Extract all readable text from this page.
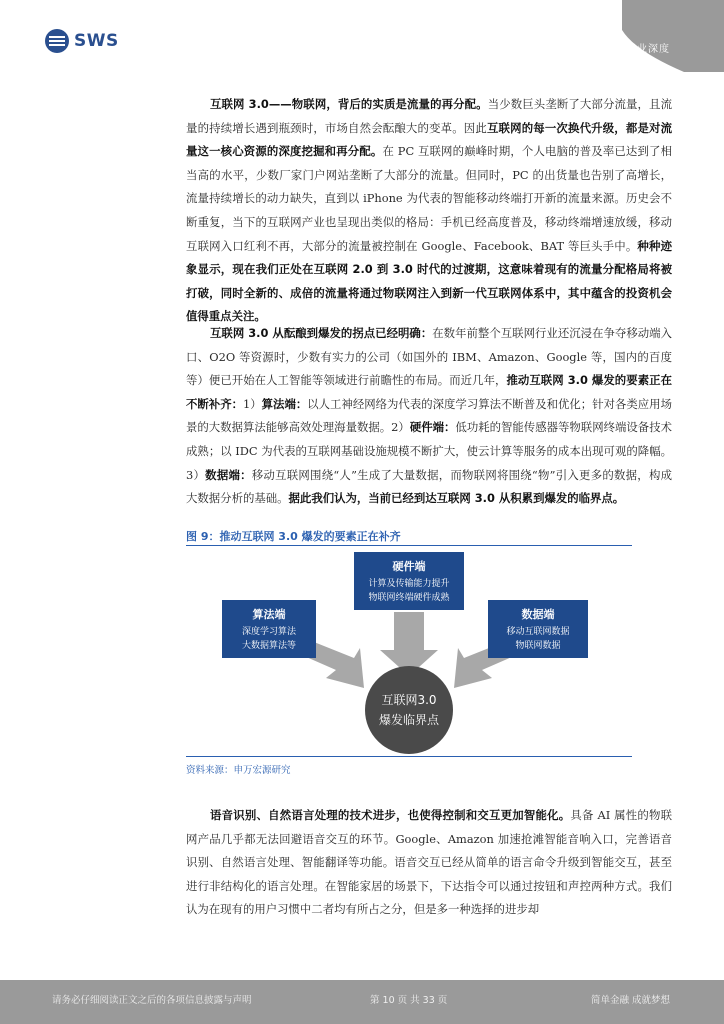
SWS	行业深度
互联网 3.0——物联网，背后的实质是流量的再分配。当少数巨头垄断了大部分流量，且流量的持续增长遇到瓶颈时，市场自然会酝酿大的变革。因此互联网的每一次换代升级，都是对流量这一核心资源的深度挖掘和再分配。在 PC 互联网的巅峰时期，个人电脑的普及率已达到了相当高的水平，少数厂家门户网站垄断了大部分的流量。但同时，PC 的出货量也告别了高增长，流量持续增长的动力缺失，直到以 iPhone 为代表的智能移动终端打开新的流量来源。历史会不断重复，当下的互联网产业也呈现出类似的格局：手机已经高度普及，移动终端增速放缓，移动互联网入口红利不再，大部分的流量被控制在 Google、Facebook、BAT 等巨头手中。种种迹象显示，现在我们正处在互联网 2.0 到 3.0 时代的过渡期，这意味着现有的流量分配格局将被打破，同时全新的、成倍的流量将通过物联网注入到新一代互联网体系中，其中蕴含的投资机会值得重点关注。
互联网 3.0 从酝酿到爆发的拐点已经明确：在数年前整个互联网行业还沉浸在争夺移动端入口、O2O 等资源时，少数有实力的公司（如国外的 IBM、Amazon、Google 等，国内的百度等）便已开始在人工智能等领域进行前瞻性的布局。而近几年，推动互联网 3.0 爆发的要素正在不断补齐：1）算法端：以人工神经网络为代表的深度学习算法不断普及和优化；针对各类应用场景的大数据算法能够高效处理海量数据。2）硬件端：低功耗的智能传感器等物联网终端设备技术成熟；以 IDC 为代表的互联网基础设施规模不断扩大，使云计算等服务的成本出现可观的降幅。3）数据端：移动互联网围绕“人”生成了大量数据，而物联网将围绕“物”引入更多的数据，构成大数据分析的基础。据此我们认为，当前已经到达互联网 3.0 从积累到爆发的临界点。
图 9：推动互联网 3.0 爆发的要素正在补齐
硬件端
计算及传输能力提升
物联网终端硬件成熟
算法端
深度学习算法
大数据算法等
数据端
移动互联网数据
物联网数据
互联网3.0
爆发临界点
资料来源：申万宏源研究
语音识别、自然语言处理的技术进步，也使得控制和交互更加智能化。具备 AI 属性的物联网产品几乎都无法回避语音交互的环节。Google、Amazon 加速抢滩智能音响入口，完善语音识别、自然语言处理、智能翻译等功能。语音交互已经从简单的语言命令升级到智能交互，甚至进行非结构化的语言处理。在智能家居的场景下，下达指令可以通过按钮和声控两种方式。我们认为在现有的用户习惯中二者均有所占之分，但是多一种选择的进步却
请务必仔细阅读正文之后的各项信息披露与声明	第 10 页 共 33 页	简单金融 成就梦想
